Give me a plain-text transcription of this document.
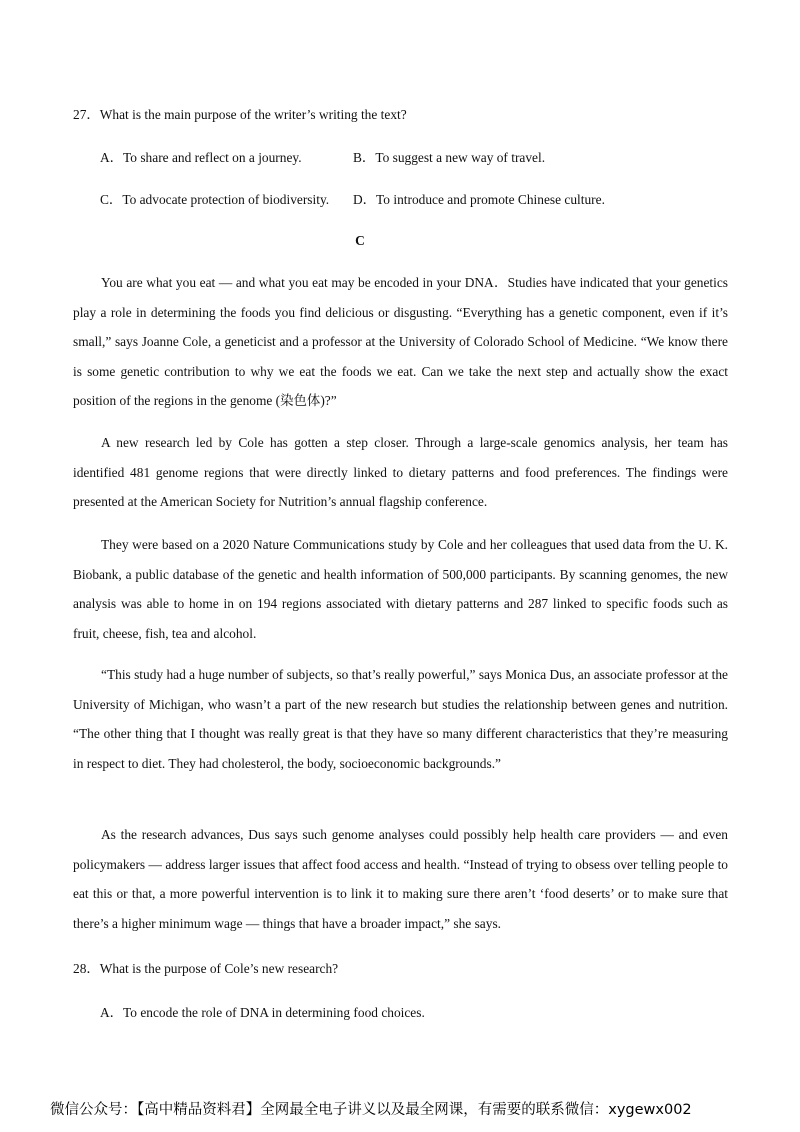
27．What is the main purpose of the writer’s writing the text?
A．To share and reflect on a journey.	B．To suggest a new way of travel.
C．To advocate protection of biodiversity. D．To introduce and promote Chinese culture.
C
You are what you eat — and what you eat may be encoded in your DNA．Studies have indicated that your genetics play a role in determining the foods you find delicious or disgusting. “Everything has a genetic component, even if it’s small,” says Joanne Cole, a geneticist and a professor at the University of Colorado School of Medicine. “We know there is some genetic contribution to why we eat the foods we eat. Can we take the next step and actually show the exact position of the regions in the genome (染色体)?”
A new research led by Cole has gotten a step closer. Through a large-scale genomics analysis, her team has identified 481 genome regions that were directly linked to dietary patterns and food preferences. The findings were presented at the American Society for Nutrition’s annual flagship conference.
They were based on a 2020 Nature Communications study by Cole and her colleagues that used data from the U. K. Biobank, a public database of the genetic and health information of 500,000 participants. By scanning genomes, the new analysis was able to home in on 194 regions associated with dietary patterns and 287 linked to specific foods such as fruit, cheese, fish, tea and alcohol.
“This study had a huge number of subjects, so that’s really powerful,” says Monica Dus, an associate professor at the University of Michigan, who wasn’t a part of the new research but studies the relationship between genes and nutrition. “The other thing that I thought was really great is that they have so many different characteristics that they’re measuring in respect to diet. They had cholesterol, the body, socioeconomic backgrounds.”
As the research advances, Dus says such genome analyses could possibly help health care providers — and even policymakers — address larger issues that affect food access and health. “Instead of trying to obsess over telling people to eat this or that, a more powerful intervention is to link it to making sure there aren’t ‘food deserts’ or to make sure that there’s a higher minimum wage — things that have a broader impact,” she says.
28．What is the purpose of Cole’s new research?
A．To encode the role of DNA in determining food choices.
微信公众号：【高中精品资料君】全网最全电子讲义以及最全网课，有需要的联系微信：xygewx002
